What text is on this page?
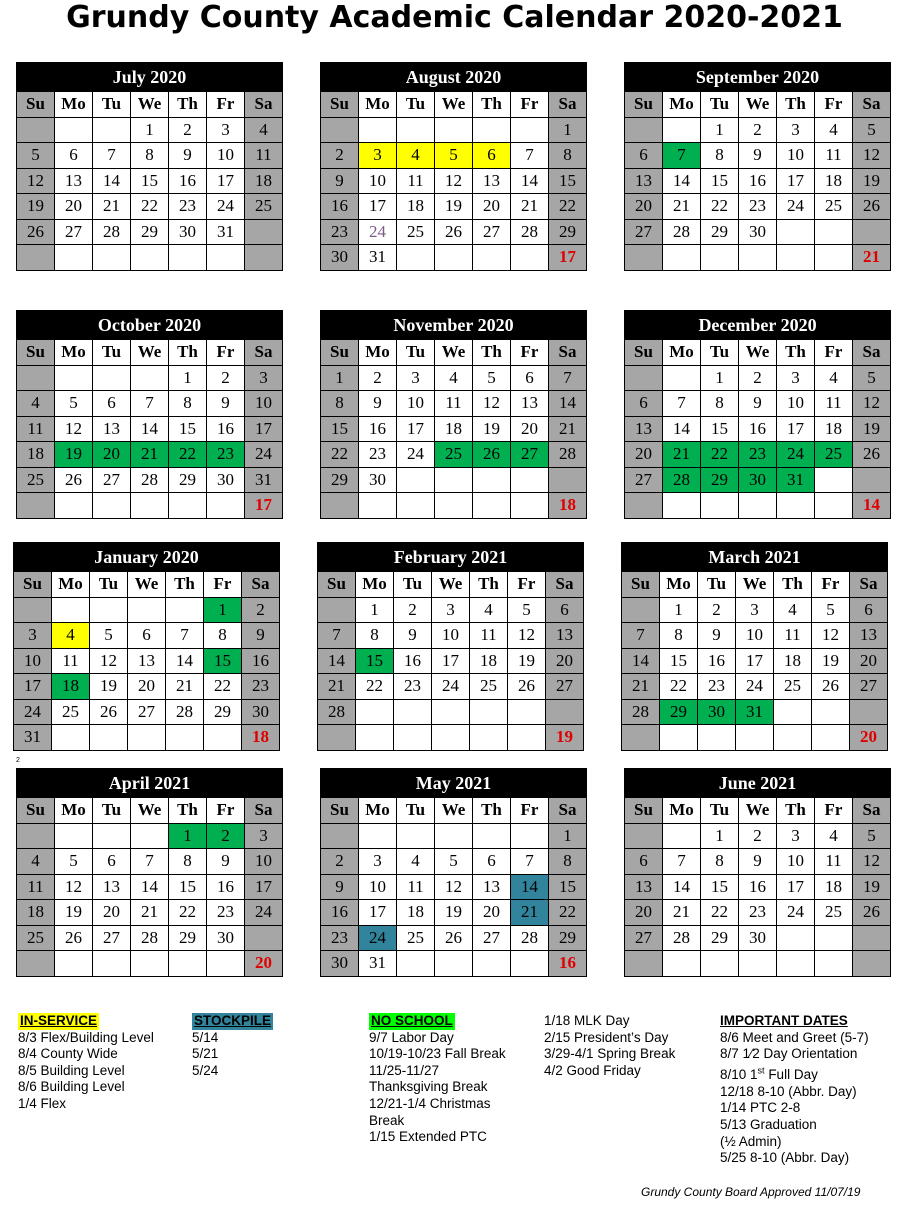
Grundy County Academic Calendar 2020-2021
July 2020
Su	Mo	Tu	We	Th	Fr	Sa
			1	2	3	4
5	6	7	8	9	10	11
12	13	14	15	16	17	18
19	20	21	22	23	24	25
26	27	28	29	30	31	

August 2020
Su	Mo	Tu	We	Th	Fr	Sa
						1
2	3	4	5	6	7	8
9	10	11	12	13	14	15
16	17	18	19	20	21	22
23	24	25	26	27	28	29
30	31					17
September 2020
Su	Mo	Tu	We	Th	Fr	Sa
		1	2	3	4	5
6	7	8	9	10	11	12
13	14	15	16	17	18	19
20	21	22	23	24	25	26
27	28	29	30			
						21
October 2020
Su	Mo	Tu	We	Th	Fr	Sa
				1	2	3
4	5	6	7	8	9	10
11	12	13	14	15	16	17
18	19	20	21	22	23	24
25	26	27	28	29	30	31
						17
November 2020
Su	Mo	Tu	We	Th	Fr	Sa
1	2	3	4	5	6	7
8	9	10	11	12	13	14
15	16	17	18	19	20	21
22	23	24	25	26	27	28
29	30					
						18
December 2020
Su	Mo	Tu	We	Th	Fr	Sa
		1	2	3	4	5
6	7	8	9	10	11	12
13	14	15	16	17	18	19
20	21	22	23	24	25	26
27	28	29	30	31		
						14
January 2020
Su	Mo	Tu	We	Th	Fr	Sa
					1	2
3	4	5	6	7	8	9
10	11	12	13	14	15	16
17	18	19	20	21	22	23
24	25	26	27	28	29	30
31						18
February 2021
Su	Mo	Tu	We	Th	Fr	Sa
	1	2	3	4	5	6
7	8	9	10	11	12	13
14	15	16	17	18	19	20
21	22	23	24	25	26	27
28						
						19
March 2021
Su	Mo	Tu	We	Th	Fr	Sa
	1	2	3	4	5	6
7	8	9	10	11	12	13
14	15	16	17	18	19	20
21	22	23	24	25	26	27
28	29	30	31			
						20
April 2021
Su	Mo	Tu	We	Th	Fr	Sa
				1	2	3
4	5	6	7	8	9	10
11	12	13	14	15	16	17
18	19	20	21	22	23	24
25	26	27	28	29	30	
						20
May 2021
Su	Mo	Tu	We	Th	Fr	Sa
						1
2	3	4	5	6	7	8
9	10	11	12	13	14	15
16	17	18	19	20	21	22
23	24	25	26	27	28	29
30	31					16
June 2021
Su	Mo	Tu	We	Th	Fr	Sa
		1	2	3	4	5
6	7	8	9	10	11	12
13	14	15	16	17	18	19
20	21	22	23	24	25	26
27	28	29	30			

IN-SERVICE
8/3 Flex/Building Level
8/4 County Wide
8/5 Building Level
8/6 Building Level
1/4 Flex
STOCKPILE
5/14
5/21
5/24
NO SCHOOL
9/7 Labor Day
10/19-10/23 Fall Break
11/25-11/27
Thanksgiving Break
12/21-1/4 Christmas
Break
1/15 Extended PTC
1/18 MLK Day
2/15 President’s Day
3/29-4/1 Spring Break
4/2 Good Friday
IMPORTANT DATES
8/6 Meet and Greet (5-7)
8/7 1⁄2 Day Orientation
8/10 1st Full Day
12/18 8-10 (Abbr. Day)
1/14 PTC 2-8
5/13 Graduation
(½ Admin)
5/25 8-10 (Abbr. Day)
Grundy County Board Approved 11/07/19
2
